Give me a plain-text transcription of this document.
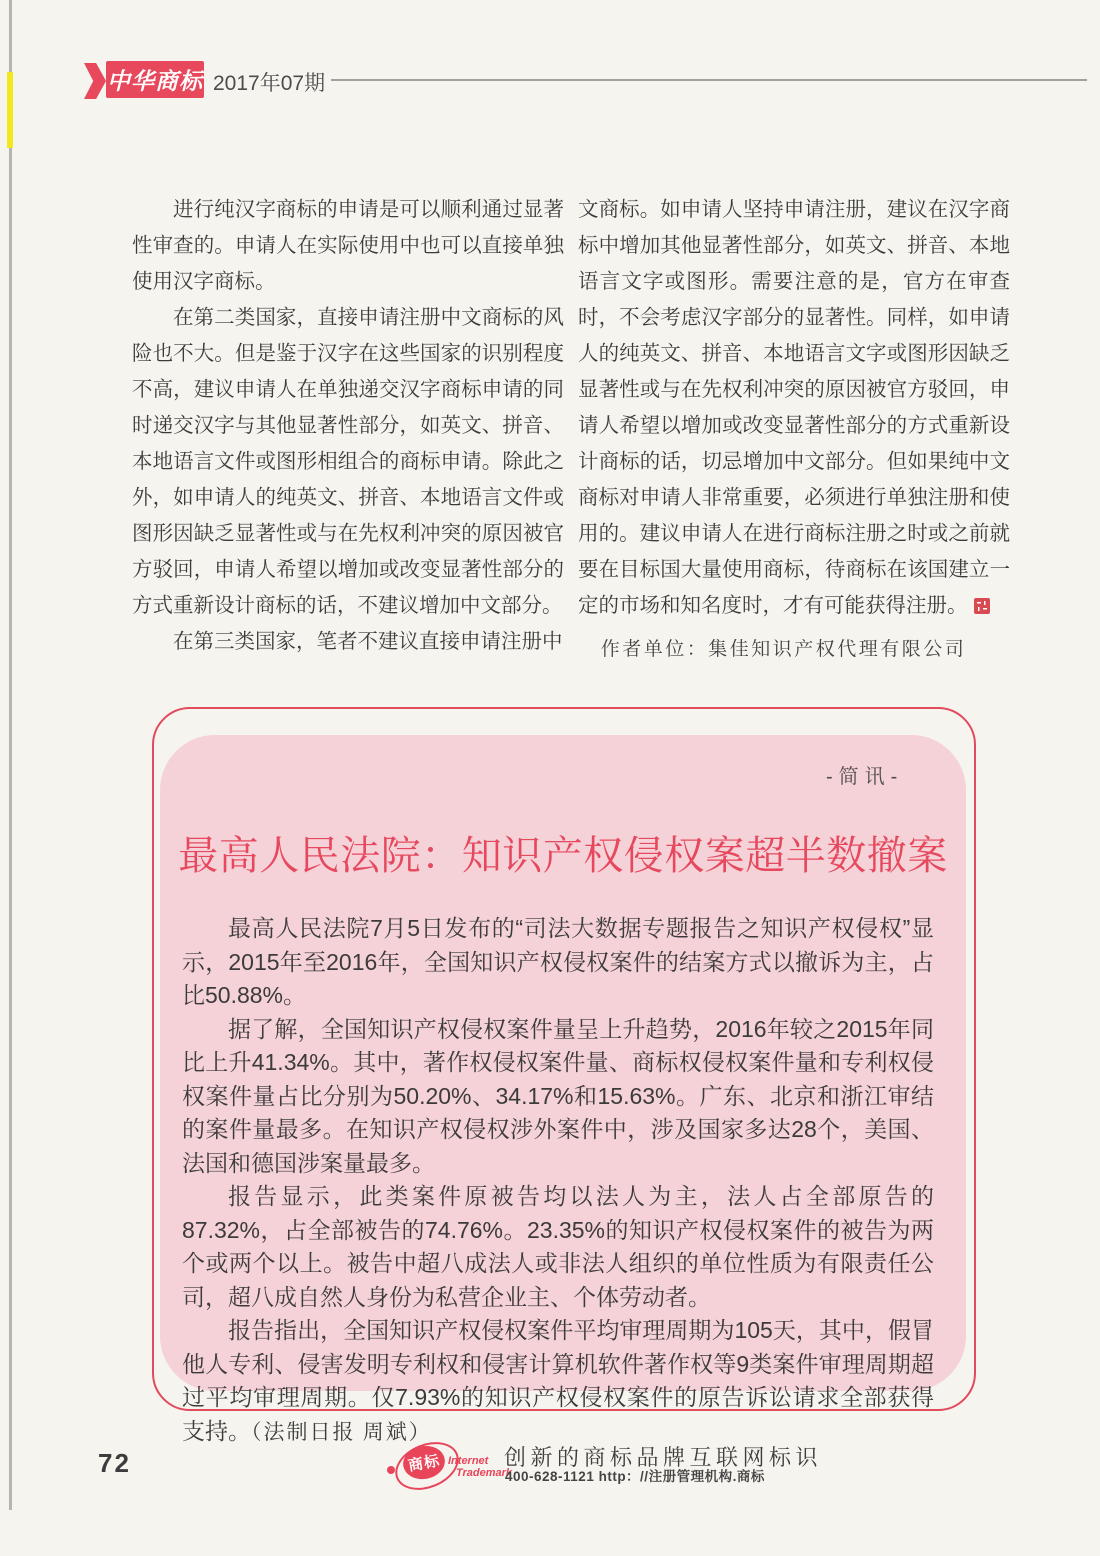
中华商标 2017年07期

进行纯汉字商标的申请是可以顺利通过显著性审查的。申请人在实际使用中也可以直接单独使用汉字商标。

在第二类国家，直接申请注册中文商标的风险也不大。但是鉴于汉字在这些国家的识别程度不高，建议申请人在单独递交汉字商标申请的同时递交汉字与其他显著性部分，如英文、拼音、本地语言文件或图形相组合的商标申请。除此之外，如申请人的纯英文、拼音、本地语言文件或图形因缺乏显著性或与在先权利冲突的原因被官方驳回，申请人希望以增加或改变显著性部分的方式重新设计商标的话，不建议增加中文部分。

在第三类国家，笔者不建议直接申请注册中

文商标。如申请人坚持申请注册，建议在汉字商标中增加其他显著性部分，如英文、拼音、本地语言文字或图形。需要注意的是，官方在审查时，不会考虑汉字部分的显著性。同样，如申请人的纯英文、拼音、本地语言文字或图形因缺乏显著性或与在先权利冲突的原因被官方驳回，申请人希望以增加或改变显著性部分的方式重新设计商标的话，切忌增加中文部分。但如果纯中文商标对申请人非常重要，必须进行单独注册和使用的。建议申请人在进行商标注册之时或之前就要在目标国大量使用商标，待商标在该国建立一定的市场和知名度时，才有可能获得注册。

作者单位：集佳知识产权代理有限公司
-简讯-
最高人民法院：知识产权侵权案超半数撤案

最高人民法院7月5日发布的“司法大数据专题报告之知识产权侵权”显示，2015年至2016年，全国知识产权侵权案件的结案方式以撤诉为主，占比50.88%。

据了解，全国知识产权侵权案件量呈上升趋势，2016年较之2015年同比上升41.34%。其中，著作权侵权案件量、商标权侵权案件量和专利权侵权案件量占比分别为50.20%、34.17%和15.63%。广东、北京和浙江审结的案件量最多。在知识产权侵权涉外案件中，涉及国家多达28个，美国、法国和德国涉案量最多。

报告显示，此类案件原被告均以法人为主，法人占全部原告的87.32%，占全部被告的74.76%。23.35%的知识产权侵权案件的被告为两个或两个以上。被告中超八成法人或非法人组织的单位性质为有限责任公司，超八成自然人身份为私营企业主、个体劳动者。

报告指出，全国知识产权侵权案件平均审理周期为105天，其中，假冒他人专利、侵害发明专利权和侵害计算机软件著作权等9类案件审理周期超过平均审理周期。仅7.93%的知识产权侵权案件的原告诉讼请求全部获得支持。（法制日报 周斌）

72	商标 Internet
Trademark
创新的商标品牌互联网标识
400-628-1121 http：//注册管理机构.商标
